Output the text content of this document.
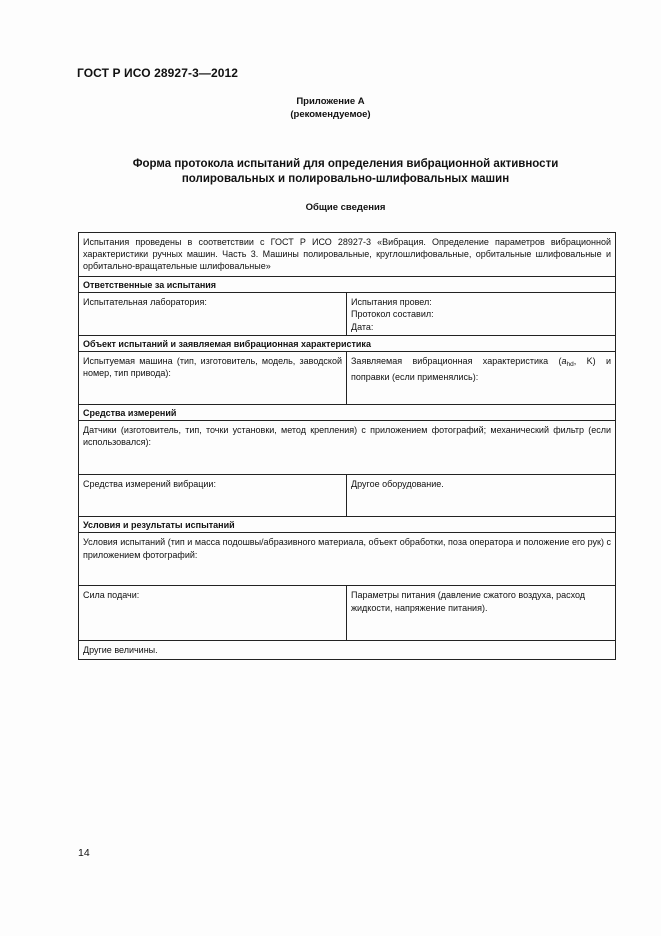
ГОСТ Р ИСО 28927-3—2012
Приложение А
(рекомендуемое)
Форма протокола испытаний для определения вибрационной активности
полировальных и полировально-шлифовальных машин
Общие сведения
Испытания проведены в соответствии с ГОСТ Р ИСО 28927-3 «Вибрация. Определение параметров вибрационной характеристики ручных машин. Часть 3. Машины полировальные, круглошлифовальные, орбитальные шлифовальные и орбитально-вращательные шлифовальные»	
Ответственные за испытания	
Испытательная лаборатория:	Испытания провел:
Протокол составил:
Дата:

Объект испытаний и заявляемая вибрационная характеристика	
Испытуемая машина (тип, изготовитель, модель, заводской номер, тип привода):	Заявляемая вибрационная характеристика ($a_{hd}$, K) и поправки (если применялись):
Средства измерений	
Датчики (изготовитель, тип, точки установки, метод крепления) с приложением фотографий; механический фильтр (если использовался):	
Средства измерений вибрации:	Другое оборудование.
Условия и результаты испытаний	
Условия испытаний (тип и масса подошвы/абразивного материала, объект обработки, поза оператора и положение его рук) с приложением фотографий:	
Сила подачи:	Параметры питания (давление сжатого воздуха, расход жидкости, напряжение питания).
Другие величины.	
14
